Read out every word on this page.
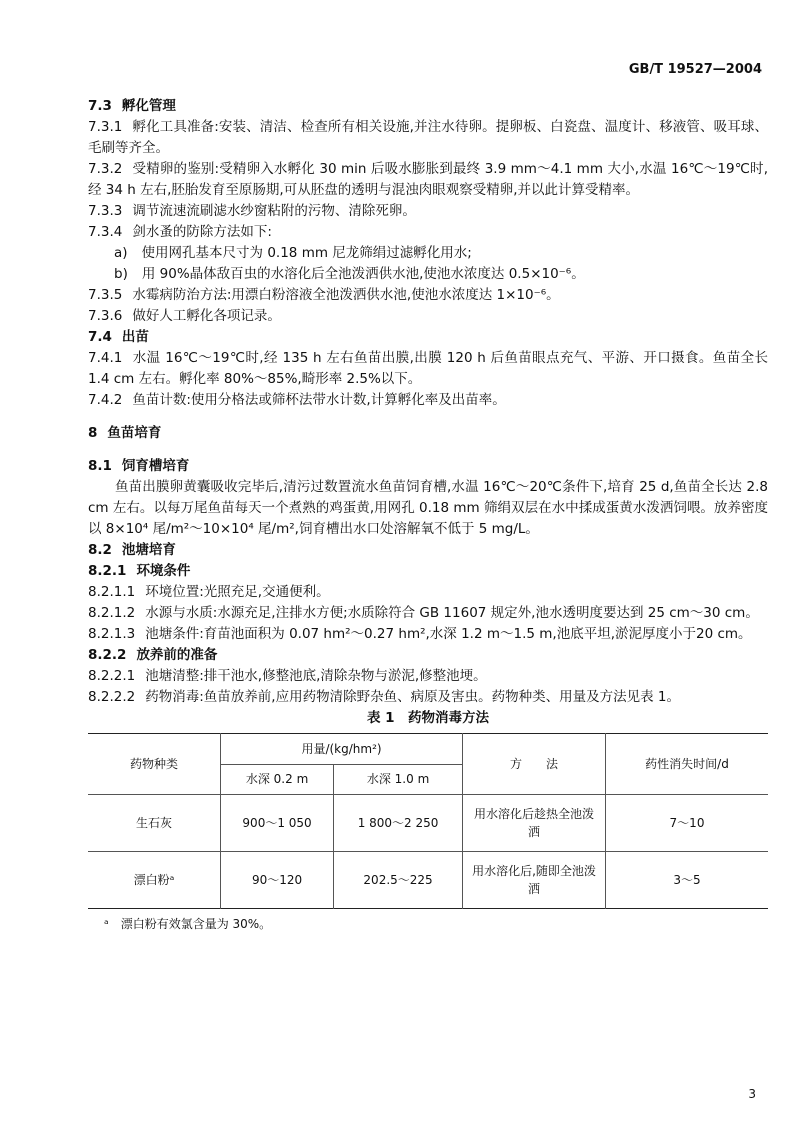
GB/T 19527—2004

7.3 孵化管理

7.3.1 孵化工具准备:安装、清洁、检查所有相关设施,并注水待卵。提卵板、白瓷盘、温度计、移液管、吸耳球、毛刷等齐全。

7.3.2 受精卵的鉴别:受精卵入水孵化 30 min 后吸水膨胀到最终 3.9 mm～4.1 mm 大小,水温 16℃～19℃时,经 34 h 左右,胚胎发育至原肠期,可从胚盘的透明与混浊肉眼观察受精卵,并以此计算受精率。

7.3.3 调节流速流刷滤水纱窗粘附的污物、清除死卵。

7.3.4 剑水蚤的防除方法如下:

a) 使用网孔基本尺寸为 0.18 mm 尼龙筛绢过滤孵化用水;

b) 用 90%晶体敌百虫的水溶化后全池泼洒供水池,使池水浓度达 0.5×10⁻⁶。

7.3.5 水霉病防治方法:用漂白粉溶液全池泼洒供水池,使池水浓度达 1×10⁻⁶。

7.3.6 做好人工孵化各项记录。

7.4 出苗

7.4.1 水温 16℃～19℃时,经 135 h 左右鱼苗出膜,出膜 120 h 后鱼苗眼点充气、平游、开口摄食。鱼苗全长 1.4 cm 左右。孵化率 80%～85%,畸形率 2.5%以下。

7.4.2 鱼苗计数:使用分格法或筛杯法带水计数,计算孵化率及出苗率。

8 鱼苗培育

8.1 饲育槽培育

鱼苗出膜卵黄囊吸收完毕后,清污过数置流水鱼苗饲育槽,水温 16℃～20℃条件下,培育 25 d,鱼苗全长达 2.8 cm 左右。以每万尾鱼苗每天一个煮熟的鸡蛋黄,用网孔 0.18 mm 筛绢双层在水中揉成蛋黄水泼洒饲喂。放养密度以 8×10⁴ 尾/m²～10×10⁴ 尾/m²,饲育槽出水口处溶解氧不低于 5 mg/L。

8.2 池塘培育

8.2.1 环境条件

8.2.1.1 环境位置:光照充足,交通便利。

8.2.1.2 水源与水质:水源充足,注排水方便;水质除符合 GB 11607 规定外,池水透明度要达到 25 cm～30 cm。

8.2.1.3 池塘条件:育苗池面积为 0.07 hm²～0.27 hm²,水深 1.2 m～1.5 m,池底平坦,淤泥厚度小于20 cm。

8.2.2 放养前的准备

8.2.2.1 池塘清整:排干池水,修整池底,清除杂物与淤泥,修整池埂。

8.2.2.2 药物消毒:鱼苗放养前,应用药物清除野杂鱼、病原及害虫。药物种类、用量及方法见表 1。

表 1　药物消毒方法

药物种类	用量/(kg/hm²)		方　　法	药性消失时间/d
	水深 0.2 m	水深 1.0 m		
生石灰	900～1 050	1 800～2 250	用水溶化后趁热全池泼洒	7～10
漂白粉ᵃ	90～120	202.5～225	用水溶化后,随即全池泼洒	3～5

ᵃ　漂白粉有效氯含量为 30%。

3
